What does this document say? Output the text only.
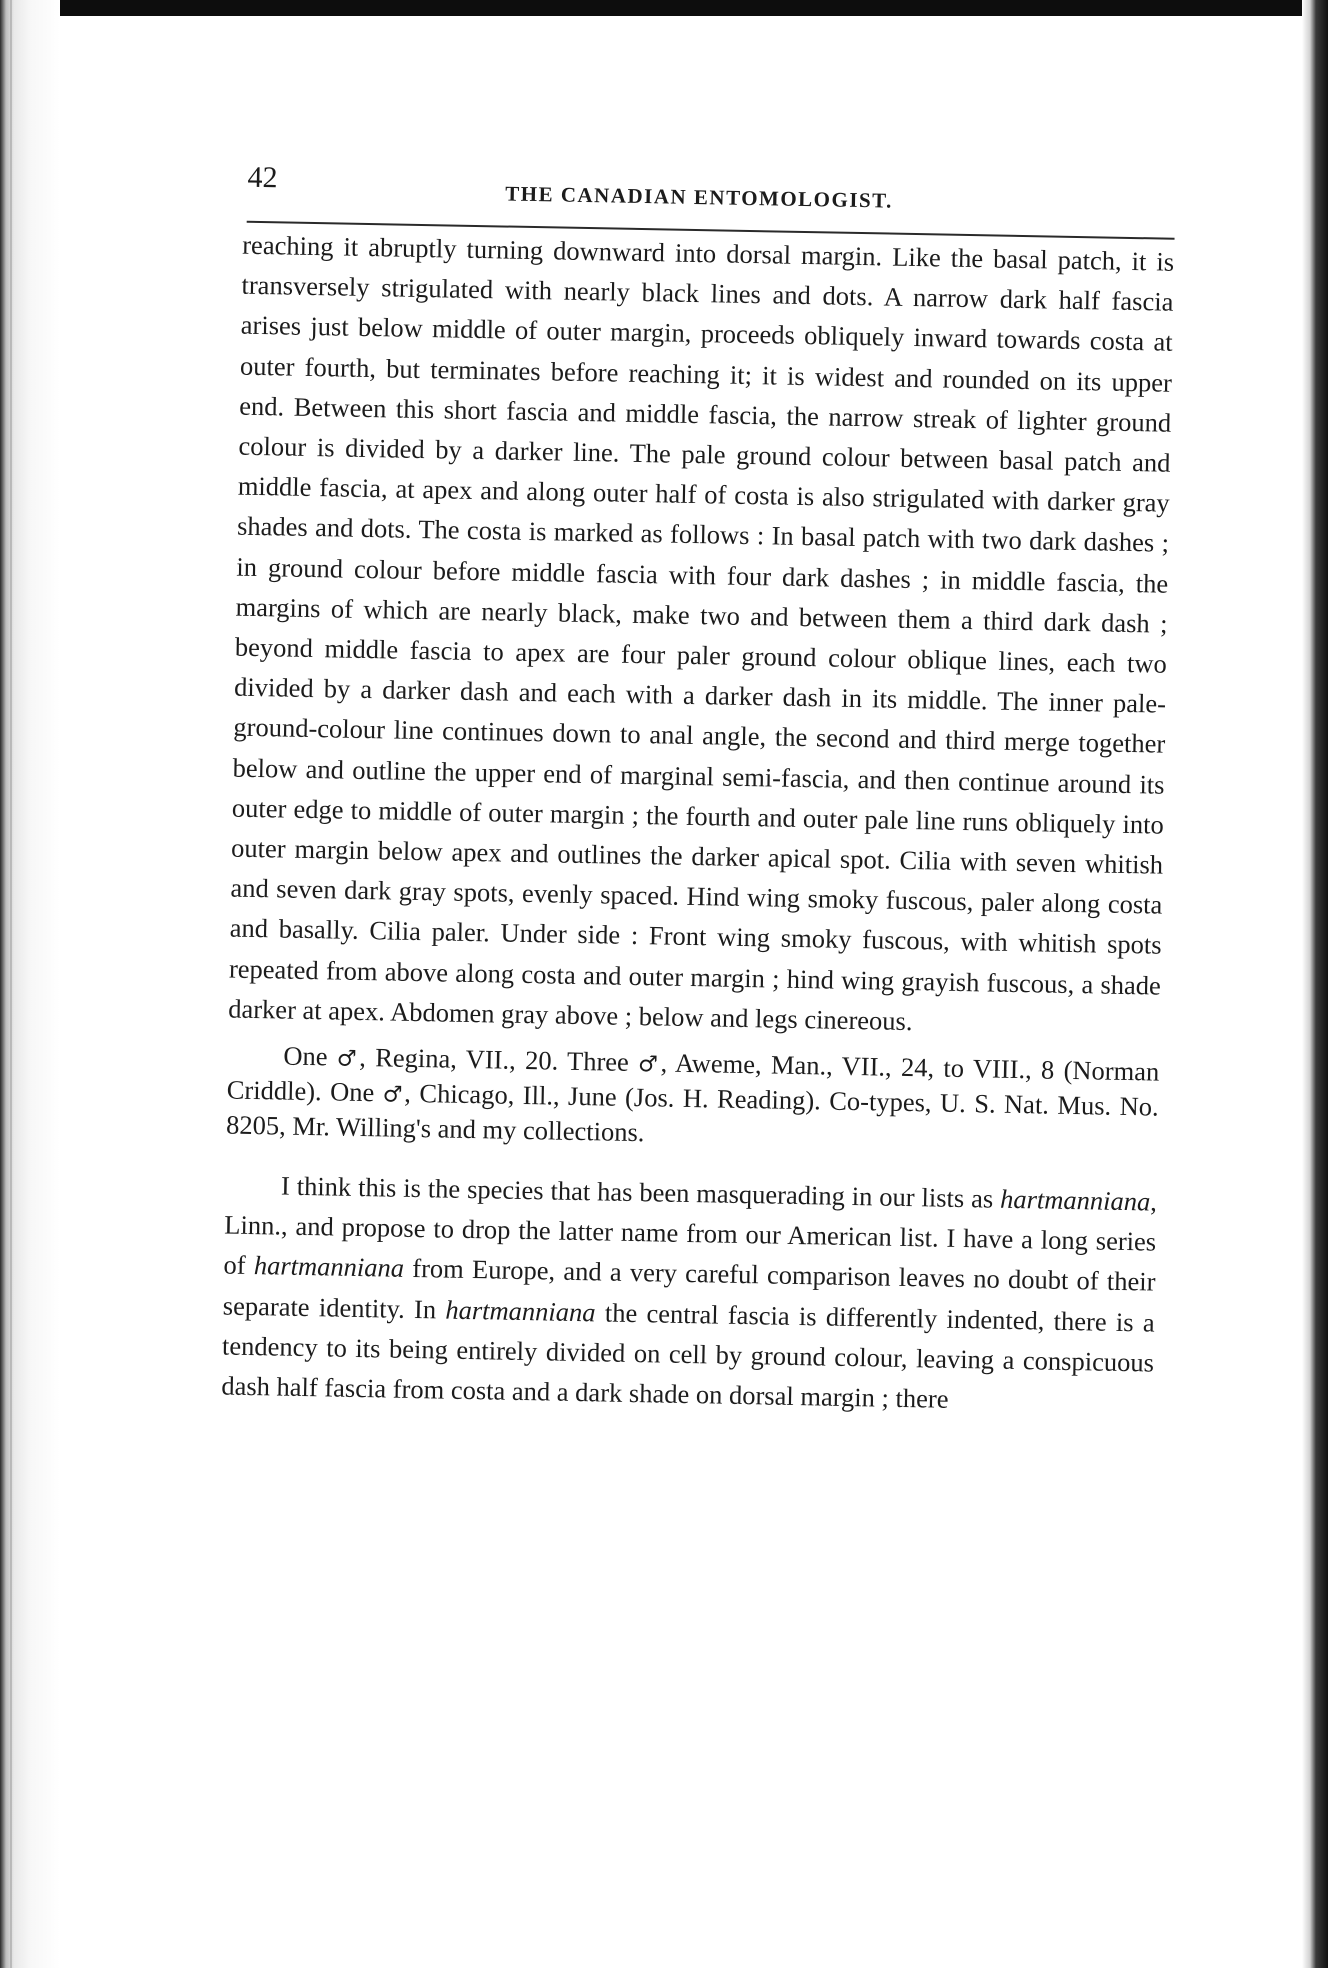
42
THE CANADIAN ENTOMOLOGIST.

reaching it abruptly turning downward into dorsal margin. Like the basal patch, it is transversely strigulated with nearly black lines and dots. A narrow dark half fascia arises just below middle of outer margin, proceeds obliquely inward towards costa at outer fourth, but terminates before reaching it; it is widest and rounded on its upper end. Between this short fascia and middle fascia, the narrow streak of lighter ground colour is divided by a darker line. The pale ground colour between basal patch and middle fascia, at apex and along outer half of costa is also strigulated with darker gray shades and dots. The costa is marked as follows : In basal patch with two dark dashes ; in ground colour before middle fascia with four dark dashes ; in middle fascia, the margins of which are nearly black, make two and between them a third dark dash ; beyond middle fascia to apex are four paler ground colour oblique lines, each two divided by a darker dash and each with a darker dash in its middle. The inner pale-ground-colour line continues down to anal angle, the second and third merge together below and outline the upper end of marginal semi-fascia, and then continue around its outer edge to middle of outer margin ; the fourth and outer pale line runs obliquely into outer margin below apex and outlines the darker apical spot. Cilia with seven whitish and seven dark gray spots, evenly spaced. Hind wing smoky fuscous, paler along costa and basally. Cilia paler. Under side : Front wing smoky fuscous, with whitish spots repeated from above along costa and outer margin ; hind wing grayish fuscous, a shade darker at apex. Abdomen gray above ; below and legs cinereous.

One ♂, Regina, VII., 20. Three ♂, Aweme, Man., VII., 24, to VIII., 8 (Norman Criddle). One ♂, Chicago, Ill., June (Jos. H. Reading). Co-types, U. S. Nat. Mus. No. 8205, Mr. Willing's and my collections.

I think this is the species that has been masquerading in our lists as hartmanniana, Linn., and propose to drop the latter name from our American list. I have a long series of hartmanniana from Europe, and a very careful comparison leaves no doubt of their separate identity. In hartmanniana the central fascia is differently indented, there is a tendency to its being entirely divided on cell by ground colour, leaving a conspicuous dash half fascia from costa and a dark shade on dorsal margin ; there
